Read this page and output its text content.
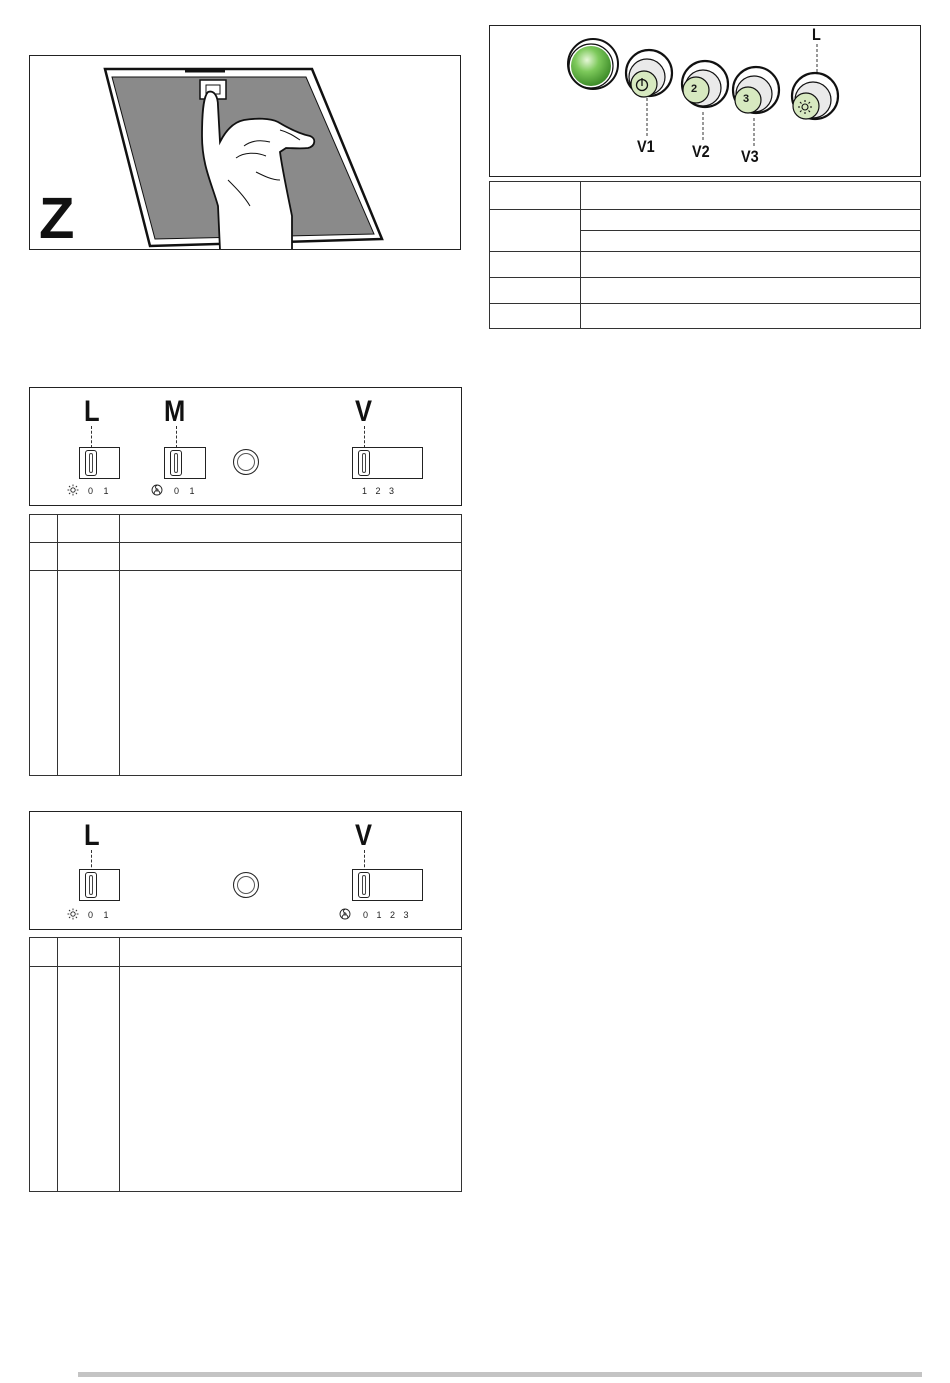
Z
2
3
L
V1 V2 V3

L M	V
0 1	0 1	1 2 3

L	V
0 1	0 1 2 3
